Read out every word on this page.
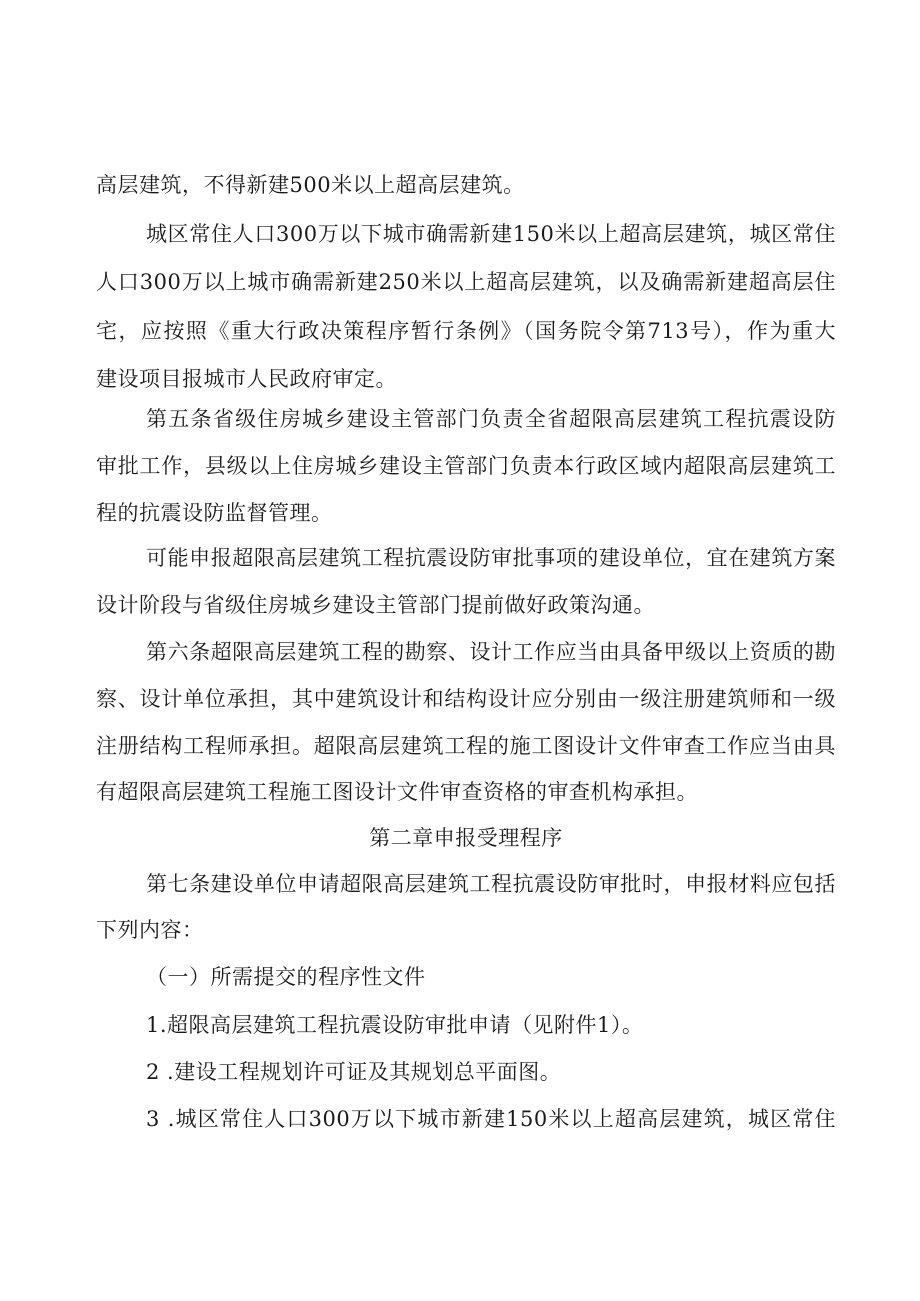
高层建筑，不得新建500米以上超高层建筑。
城区常住人口300万以下城市确需新建150米以上超高层建筑，城区常住
人口300万以上城市确需新建250米以上超高层建筑，以及确需新建超高层住
宅，应按照《重大行政决策程序暂行条例》（国务院令第713号），作为重大
建设项目报城市人民政府审定。
第五条省级住房城乡建设主管部门负责全省超限高层建筑工程抗震设防
审批工作，县级以上住房城乡建设主管部门负责本行政区域内超限高层建筑工
程的抗震设防监督管理。
可能申报超限高层建筑工程抗震设防审批事项的建设单位，宜在建筑方案
设计阶段与省级住房城乡建设主管部门提前做好政策沟通。
第六条超限高层建筑工程的勘察、设计工作应当由具备甲级以上资质的勘
察、设计单位承担，其中建筑设计和结构设计应分别由一级注册建筑师和一级
注册结构工程师承担。超限高层建筑工程的施工图设计文件审查工作应当由具
有超限高层建筑工程施工图设计文件审查资格的审查机构承担。
第二章申报受理程序
第七条建设单位申请超限高层建筑工程抗震设防审批时，申报材料应包括
下列内容：
（一）所需提交的程序性文件
1.超限高层建筑工程抗震设防审批申请（见附件1）。
2 .建设工程规划许可证及其规划总平面图。
3 .城区常住人口300万以下城市新建150米以上超高层建筑，城区常住
